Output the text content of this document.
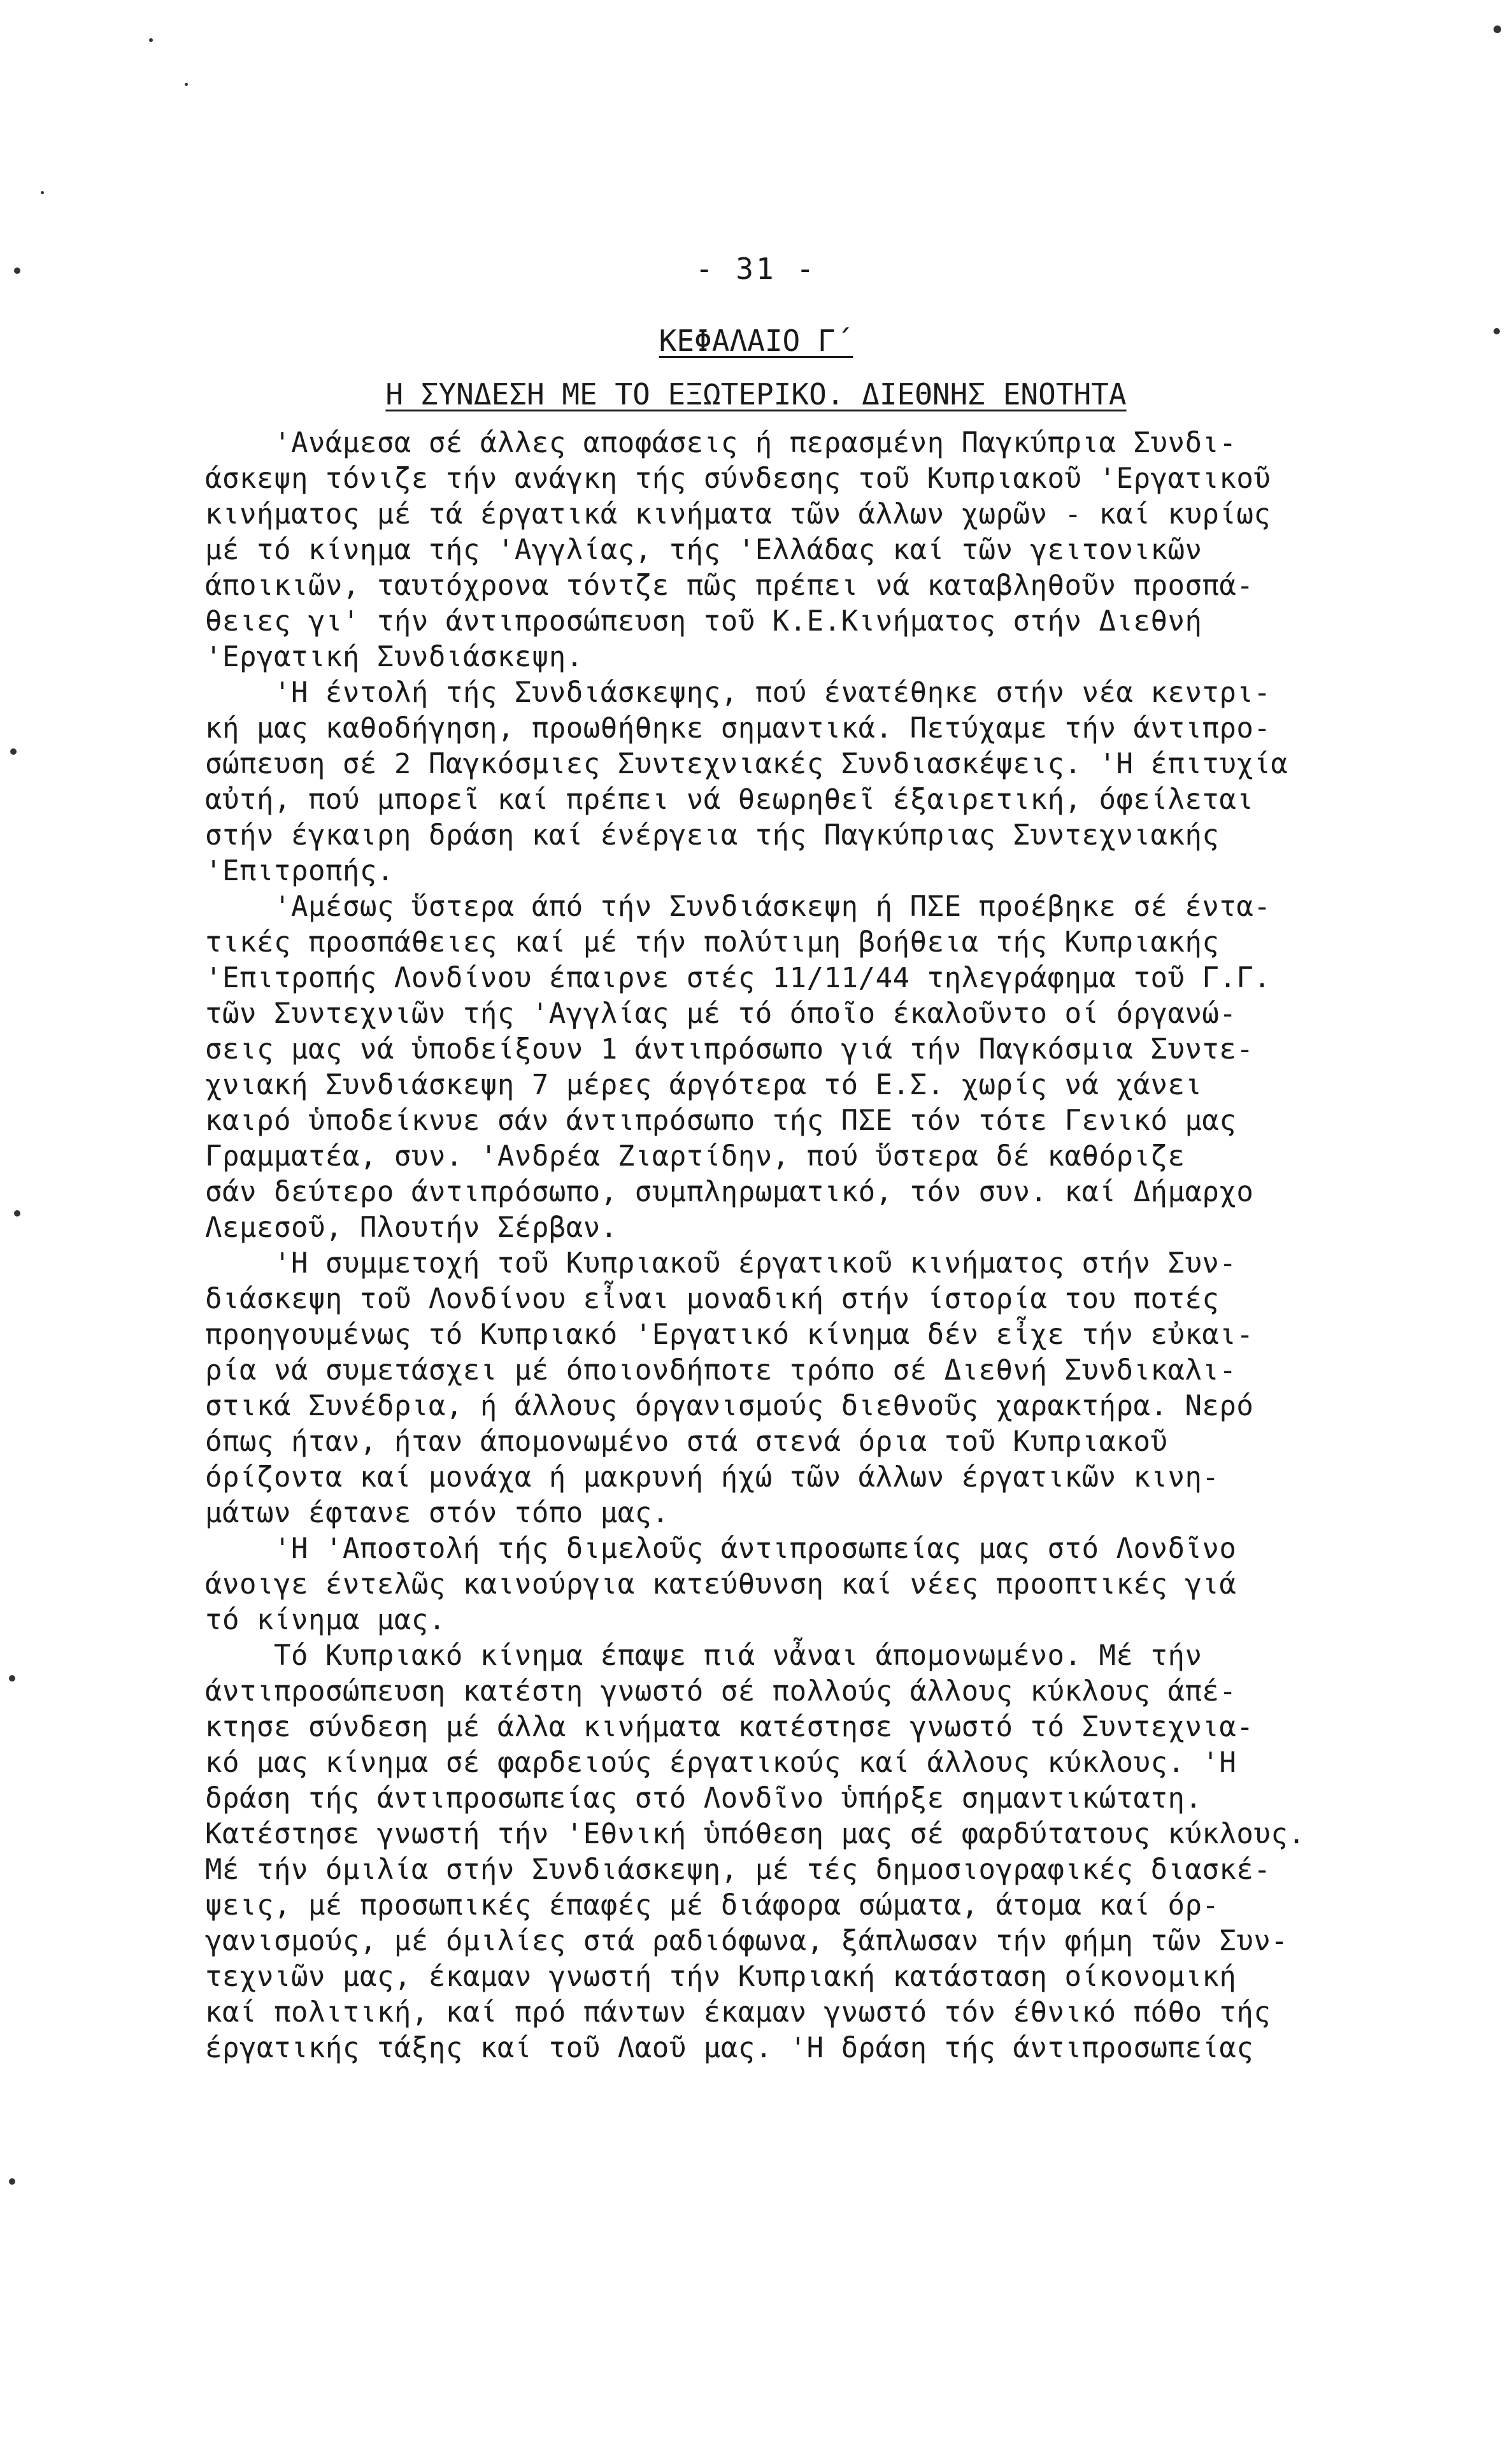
- 31 -
ΚΕΦΑΛΑΙΟ Γ΄
Η ΣΥΝΔΕΣΗ ΜΕ ΤΟ ΕΞΩΤΕΡΙΚΟ. ΔΙΕΘΝΗΣ ΕΝΟΤΗΤΑ
'Ανάμεσα σέ άλλες αποφάσεις ή περασμένη Παγκύπρια Συνδι-
άσκεψη τόνιζε τήν ανάγκη τής σύνδεσης τοῦ Κυπριακοῦ 'Εργατικοῦ
κινήματος μέ τά έργατικά κινήματα τῶν άλλων χωρῶν - καί κυρίως
μέ τό κίνημα τής 'Αγγλίας, τής 'Ελλάδας καί τῶν γειτονικῶν
άποικιῶν, ταυτόχρονα τόντζε πῶς πρέπει νά καταβληθοῦν προσπά-
θειες γι' τήν άντιπροσώπευση τοῦ Κ.Ε.Κινήματος στήν Διεθνή
'Εργατική Συνδιάσκεψη.
'Η έντολή τής Συνδιάσκεψης, πού ένατέθηκε στήν νέα κεντρι-
κή μας καθοδήγηση, προωθήθηκε σημαντικά. Πετύχαμε τήν άντιπρο-
σώπευση σέ 2 Παγκόσμιες Συντεχνιακές Συνδιασκέψεις. 'Η έπιτυχία
αὐτή, πού μπορεῖ καί πρέπει νά θεωρηθεῖ έξαιρετική, όφείλεται
στήν έγκαιρη δράση καί ένέργεια τής Παγκύπριας Συντεχνιακής
'Επιτροπής.
'Αμέσως ὕστερα άπό τήν Συνδιάσκεψη ή ΠΣΕ προέβηκε σέ έντα-
τικές προσπάθειες καί μέ τήν πολύτιμη βοήθεια τής Κυπριακής
'Επιτροπής Λονδίνου έπαιρνε στές 11/11/44 τηλεγράφημα τοῦ Γ.Γ.
τῶν Συντεχνιῶν τής 'Αγγλίας μέ τό όποῖο έκαλοῦντο οί όργανώ-
σεις μας νά ὑποδείξουν 1 άντιπρόσωπο γιά τήν Παγκόσμια Συντε-
χνιακή Συνδιάσκεψη 7 μέρες άργότερα τό Ε.Σ. χωρίς νά χάνει
καιρό ὑποδείκνυε σάν άντιπρόσωπο τής ΠΣΕ τόν τότε Γενικό μας
Γραμματέα, συν. 'Ανδρέα Ζιαρτίδην, πού ὕστερα δέ καθόριζε
σάν δεύτερο άντιπρόσωπο, συμπληρωματικό, τόν συν. καί Δήμαρχο
Λεμεσοῦ, Πλουτήν Σέρβαν.
'Η συμμετοχή τοῦ Κυπριακοῦ έργατικοῦ κινήματος στήν Συν-
διάσκεψη τοῦ Λονδίνου εἶναι μοναδική στήν ίστορία του ποτές
προηγουμένως τό Κυπριακό 'Εργατικό κίνημα δέν εἶχε τήν εὐκαι-
ρία νά συμετάσχει μέ όποιονδήποτε τρόπο σέ Διεθνή Συνδικαλι-
στικά Συνέδρια, ή άλλους όργανισμούς διεθνοῦς χαρακτήρα. Νερό
όπως ήταν, ήταν άπομονωμένο στά στενά όρια τοῦ Κυπριακοῦ
όρίζοντα καί μονάχα ή μακρυνή ήχώ τῶν άλλων έργατικῶν κινη-
μάτων έφτανε στόν τόπο μας.
'Η 'Αποστολή τής διμελοῦς άντιπροσωπείας μας στό Λονδῖνο
άνοιγε έντελῶς καινούργια κατεύθυνση καί νέες προοπτικές γιά
τό κίνημα μας.
Τό Κυπριακό κίνημα έπαψε πιά νἆναι άπομονωμένο. Μέ τήν
άντιπροσώπευση κατέστη γνωστό σέ πολλούς άλλους κύκλους άπέ-
κτησε σύνδεση μέ άλλα κινήματα κατέστησε γνωστό τό Συντεχνια-
κό μας κίνημα σέ φαρδειούς έργατικούς καί άλλους κύκλους. 'Η
δράση τής άντιπροσωπείας στό Λονδῖνο ὑπήρξε σημαντικώτατη.
Κατέστησε γνωστή τήν 'Εθνική ὑπόθεση μας σέ φαρδύτατους κύκλους.
Μέ τήν όμιλία στήν Συνδιάσκεψη, μέ τές δημοσιογραφικές διασκέ-
ψεις, μέ προσωπικές έπαφές μέ διάφορα σώματα, άτομα καί όρ-
γανισμούς, μέ όμιλίες στά ραδιόφωνα, ξάπλωσαν τήν φήμη τῶν Συν-
τεχνιῶν μας, έκαμαν γνωστή τήν Κυπριακή κατάσταση οίκονομική
καί πολιτική, καί πρό πάντων έκαμαν γνωστό τόν έθνικό πόθο τής
έργατικής τάξης καί τοῦ Λαοῦ μας. 'Η δράση τής άντιπροσωπείας
